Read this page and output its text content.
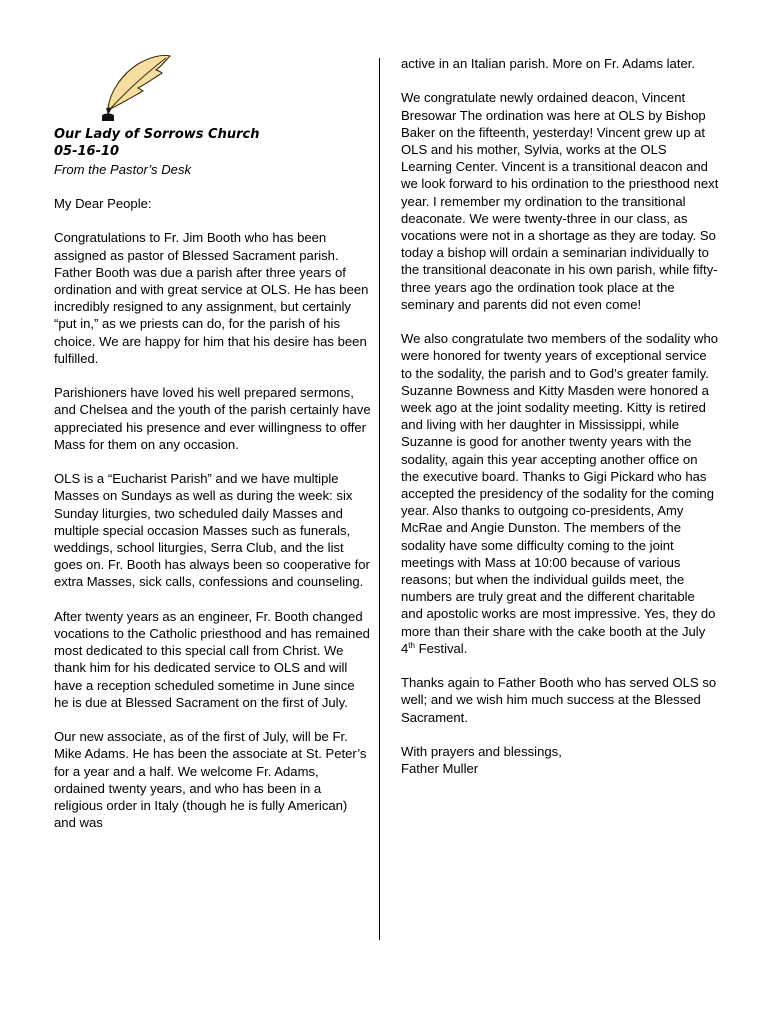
Our Lady of Sorrows Church
05-16-10
From the Pastor’s Desk

My Dear People:

Congratulations to Fr. Jim Booth who has been assigned as pastor of Blessed Sacrament parish. Father Booth was due a parish after three years of ordination and with great service at OLS. He has been incredibly resigned to any assignment, but certainly “put in,” as we priests can do, for the parish of his choice. We are happy for him that his desire has been fulfilled.

Parishioners have loved his well prepared sermons, and Chelsea and the youth of the parish certainly have appreciated his presence and ever willingness to offer Mass for them on any occasion.

OLS is a “Eucharist Parish” and we have multiple Masses on Sundays as well as during the week: six Sunday liturgies, two scheduled daily Masses and multiple special occasion Masses such as funerals, weddings, school liturgies, Serra Club, and the list goes on. Fr. Booth has always been so cooperative for extra Masses, sick calls, confessions and counseling.

After twenty years as an engineer, Fr. Booth changed vocations to the Catholic priesthood and has remained most dedicated to this special call from Christ. We thank him for his dedicated service to OLS and will have a reception scheduled sometime in June since he is due at Blessed Sacrament on the first of July.

Our new associate, as of the first of July, will be Fr. Mike Adams. He has been the associate at St. Peter’s for a year and a half. We welcome Fr. Adams, ordained twenty years, and who has been in a religious order in Italy (though he is fully American) and was

active in an Italian parish. More on Fr. Adams later.

We congratulate newly ordained deacon, Vincent Bresowar The ordination was here at OLS by Bishop Baker on the fifteenth, yesterday! Vincent grew up at OLS and his mother, Sylvia, works at the OLS Learning Center. Vincent is a transitional deacon and we look forward to his ordination to the priesthood next year. I remember my ordination to the transitional deaconate. We were twenty-three in our class, as vocations were not in a shortage as they are today. So today a bishop will ordain a seminarian individually to the transitional deaconate in his own parish, while fifty-three years ago the ordination took place at the seminary and parents did not even come!

We also congratulate two members of the sodality who were honored for twenty years of exceptional service to the sodality, the parish and to God’s greater family. Suzanne Bowness and Kitty Masden were honored a week ago at the joint sodality meeting. Kitty is retired and living with her daughter in Mississippi, while Suzanne is good for another twenty years with the sodality, again this year accepting another office on the executive board. Thanks to Gigi Pickard who has accepted the presidency of the sodality for the coming year. Also thanks to outgoing co-presidents, Amy McRae and Angie Dunston. The members of the sodality have some difficulty coming to the joint meetings with Mass at 10:00 because of various reasons; but when the individual guilds meet, the numbers are truly great and the different charitable and apostolic works are most impressive. Yes, they do more than their share with the cake booth at the July 4th Festival.

Thanks again to Father Booth who has served OLS so well; and we wish him much success at the Blessed Sacrament.

With prayers and blessings,
Father Muller
